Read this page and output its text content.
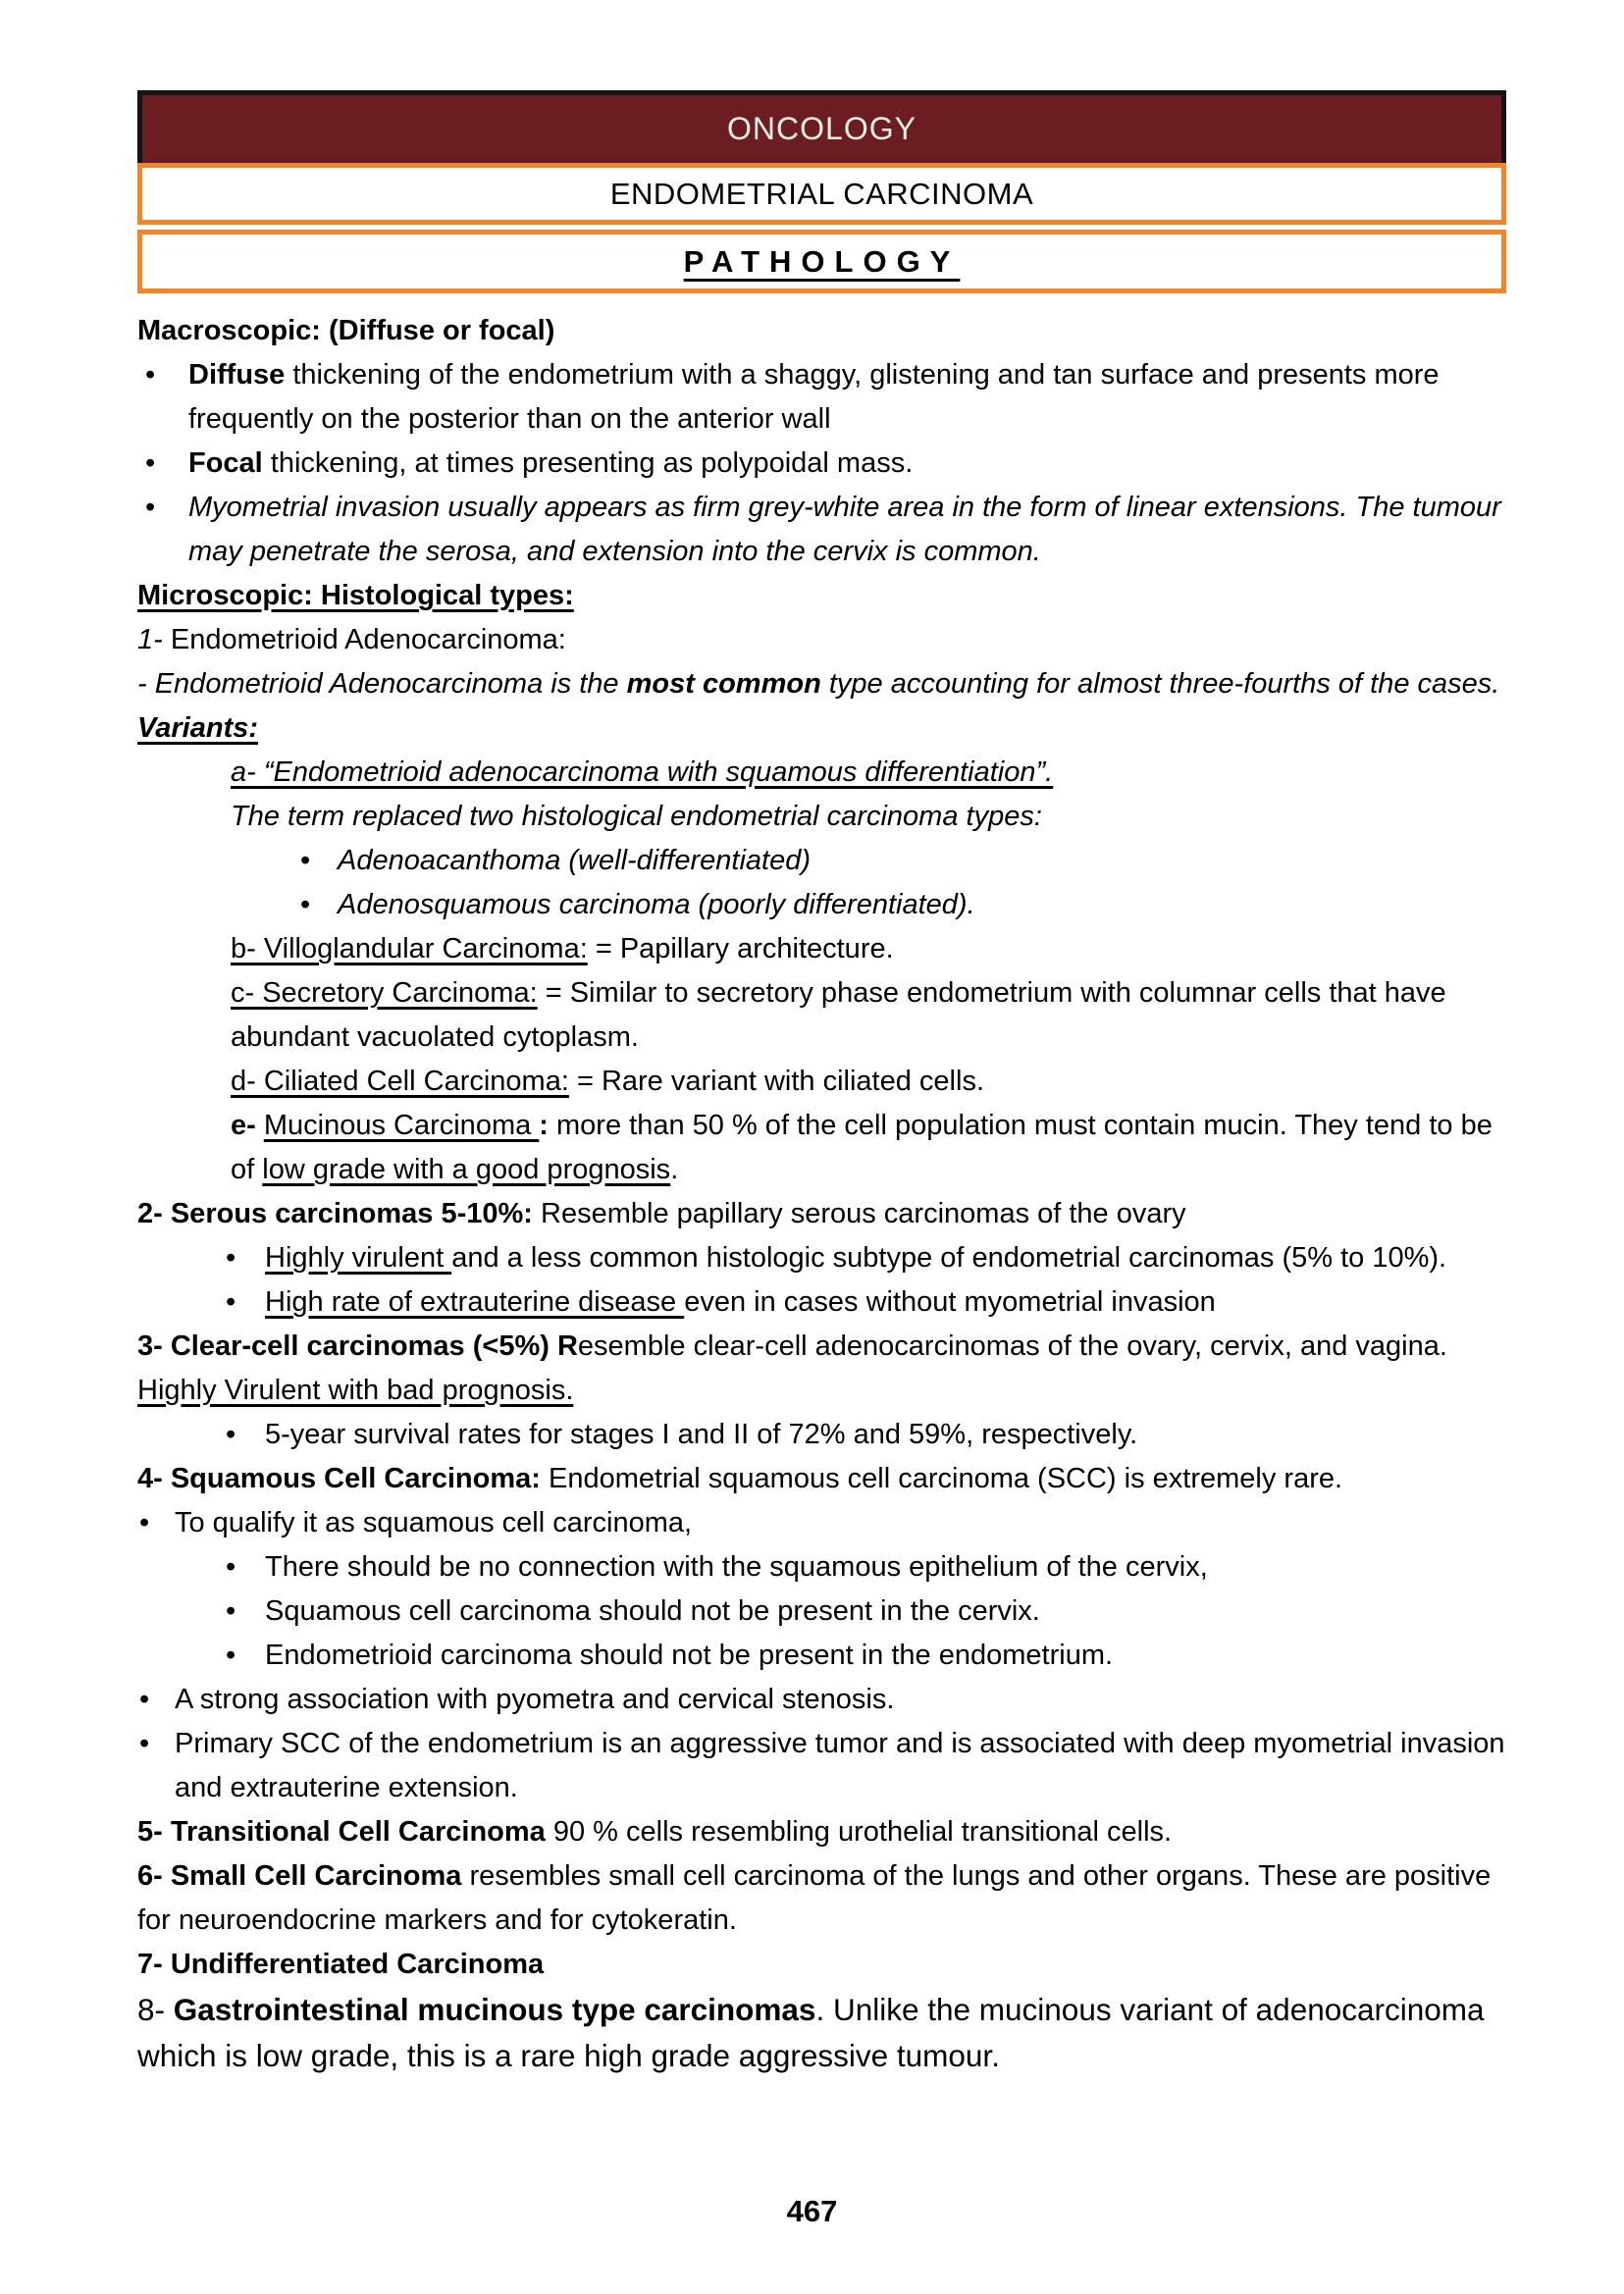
ONCOLOGY
ENDOMETRIAL CARCINOMA
PATHOLOGY
Macroscopic: (Diffuse or focal)
• Diffuse thickening of the endometrium with a shaggy, glistening and tan surface and presents more frequently on the posterior than on the anterior wall
• Focal thickening, at times presenting as polypoidal mass.
• Myometrial invasion usually appears as firm grey-white area in the form of linear extensions. The tumour may penetrate the serosa, and extension into the cervix is common.
Microscopic: Histological types:
1- Endometrioid Adenocarcinoma:
- Endometrioid Adenocarcinoma is the most common type accounting for almost three-fourths of the cases.
Variants:
a- “Endometrioid adenocarcinoma with squamous differentiation”.
The term replaced two histological endometrial carcinoma types:
• Adenoacanthoma (well-differentiated)
• Adenosquamous carcinoma (poorly differentiated).
b- Villoglandular Carcinoma: = Papillary architecture.
c- Secretory Carcinoma: = Similar to secretory phase endometrium with columnar cells that have abundant vacuolated cytoplasm.
d- Ciliated Cell Carcinoma: = Rare variant with ciliated cells.
e- Mucinous Carcinoma : more than 50 % of the cell population must contain mucin. They tend to be of low grade with a good prognosis.
2- Serous carcinomas 5-10%: Resemble papillary serous carcinomas of the ovary
• Highly virulent and a less common histologic subtype of endometrial carcinomas (5% to 10%).
• High rate of extrauterine disease even in cases without myometrial invasion
3- Clear-cell carcinomas (<5%) Resemble clear-cell adenocarcinomas of the ovary, cervix, and vagina. Highly Virulent with bad prognosis.
• 5-year survival rates for stages I and II of 72% and 59%, respectively.
4- Squamous Cell Carcinoma: Endometrial squamous cell carcinoma (SCC) is extremely rare.
• To qualify it as squamous cell carcinoma,
• There should be no connection with the squamous epithelium of the cervix,
• Squamous cell carcinoma should not be present in the cervix.
• Endometrioid carcinoma should not be present in the endometrium.
• A strong association with pyometra and cervical stenosis.
• Primary SCC of the endometrium is an aggressive tumor and is associated with deep myometrial invasion and extrauterine extension.
5- Transitional Cell Carcinoma 90 % cells resembling urothelial transitional cells.
6- Small Cell Carcinoma resembles small cell carcinoma of the lungs and other organs. These are positive for neuroendocrine markers and for cytokeratin.
7- Undifferentiated Carcinoma
8- Gastrointestinal mucinous type carcinomas. Unlike the mucinous variant of adenocarcinoma which is low grade, this is a rare high grade aggressive tumour.
467
